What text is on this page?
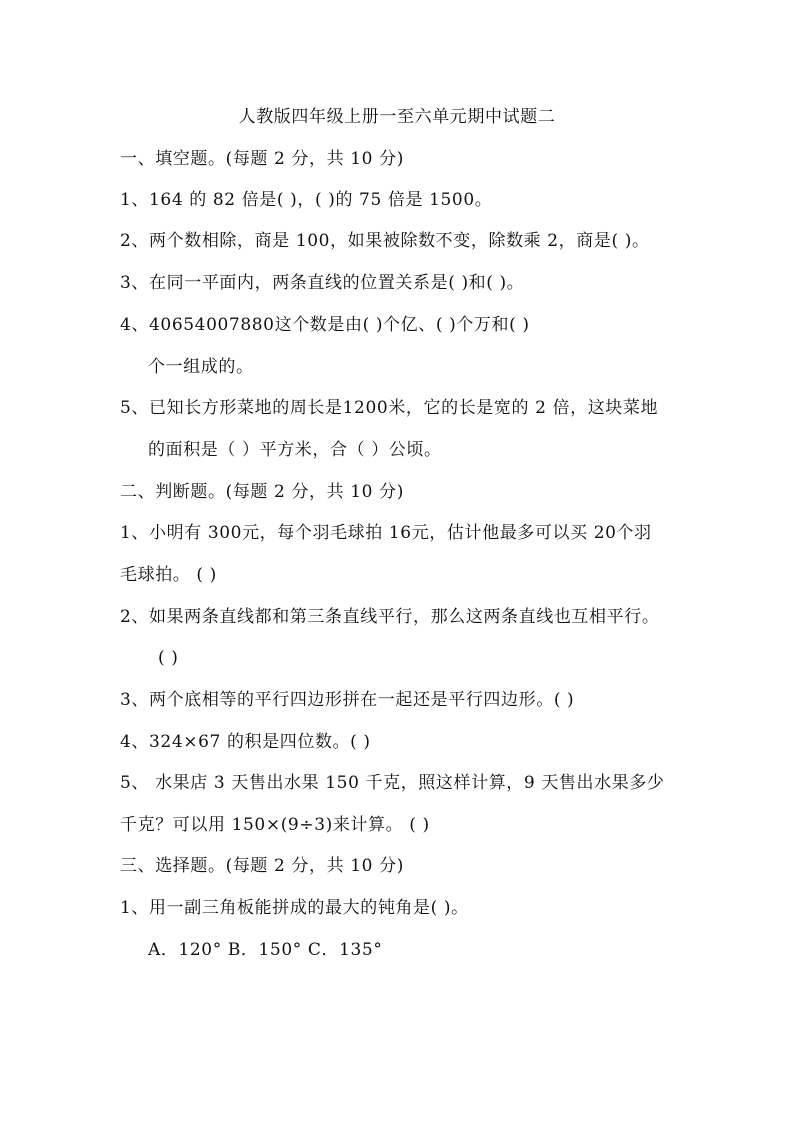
人教版四年级上册一至六单元期中试题二
一、填空题。(每题 2 分，共 10 分)
1、164 的 82 倍是( )，( )的 75 倍是 1500。
2、两个数相除，商是 100，如果被除数不变，除数乘 2，商是( )。
3、在同一平面内，两条直线的位置关系是( )和( )。
4、40654007880这个数是由( )个亿、( )个万和( )
个一组成的。
5、已知长方形菜地的周长是1200米，它的长是宽的 2 倍，这块菜地
的面积是（ ）平方米，合（ ）公顷。
二、判断题。(每题 2 分，共 10 分)
1、小明有 300元，每个羽毛球拍 16元，估计他最多可以买 20个羽
毛球拍。 ( )
2、如果两条直线都和第三条直线平行，那么这两条直线也互相平行。
( )
3、两个底相等的平行四边形拼在一起还是平行四边形。( )
4、324×67 的积是四位数。( )
5、 水果店 3 天售出水果 150 千克，照这样计算，9 天售出水果多少
千克？可以用 150×(9÷3)来计算。 ( )
三、选择题。(每题 2 分，共 10 分)
1、用一副三角板能拼成的最大的钝角是( )。
A．120° B．150° C．135°
